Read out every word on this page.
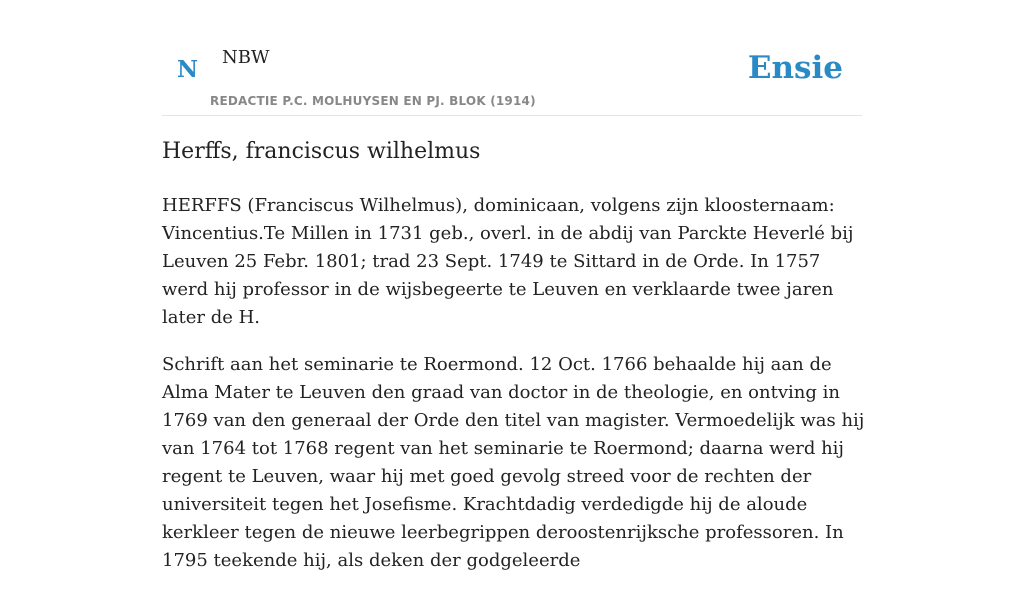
N NBW
REDACTIE P.C. MOLHUYSEN EN PJ. BLOK (1914)
Ensie
Herffs, franciscus wilhelmus

HERFFS (Franciscus Wilhelmus), dominicaan, volgens zijn kloosternaam: Vincentius.Te Millen in 1731 geb., overl. in de abdij van Parckte Heverlé bij Leuven 25 Febr. 1801; trad 23 Sept. 1749 te Sittard in de Orde. In 1757 werd hij professor in de wijsbegeerte te Leuven en verklaarde twee jaren later de H.

Schrift aan het seminarie te Roermond. 12 Oct. 1766 behaalde hij aan de Alma Mater te Leuven den graad van doctor in de theologie, en ontving in 1769 van den generaal der Orde den titel van magister. Vermoedelijk was hij van 1764 tot 1768 regent van het seminarie te Roermond; daarna werd hij regent te Leuven, waar hij met goed gevolg streed voor de rechten der universiteit tegen het Josefisme. Krachtdadig verdedigde hij de aloude kerkleer tegen de nieuwe leerbegrippen deroostenrijksche professoren. In 1795 teekende hij, als deken der godgeleerde
